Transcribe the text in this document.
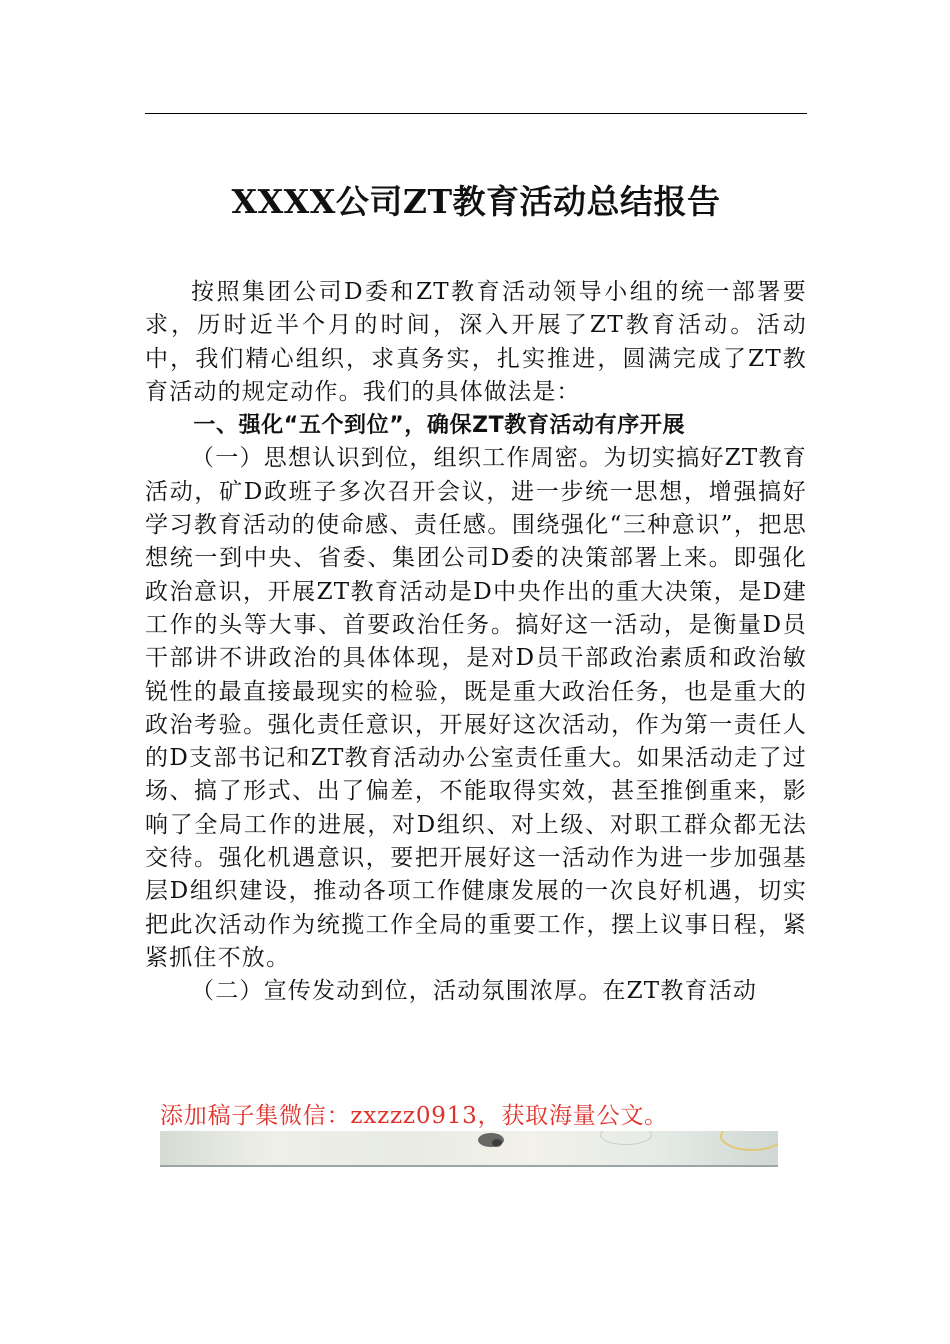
XXXX公司ZT教育活动总结报告

按照集团公司D委和ZT教育活动领导小组的统一部署要求，历时近半个月的时间，深入开展了ZT教育活动。活动中，我们精心组织，求真务实，扎实推进，圆满完成了ZT教育活动的规定动作。我们的具体做法是：

一、强化“五个到位”，确保ZT教育活动有序开展

（一）思想认识到位，组织工作周密。为切实搞好ZT教育活动，矿D政班子多次召开会议，进一步统一思想，增强搞好学习教育活动的使命感、责任感。围绕强化“三种意识”，把思想统一到中央、省委、集团公司D委的决策部署上来。即强化政治意识，开展ZT教育活动是D中央作出的重大决策，是D建工作的头等大事、首要政治任务。搞好这一活动，是衡量D员干部讲不讲政治的具体体现，是对D员干部政治素质和政治敏锐性的最直接最现实的检验，既是重大政治任务，也是重大的政治考验。强化责任意识，开展好这次活动，作为第一责任人的D支部书记和ZT教育活动办公室责任重大。如果活动走了过场、搞了形式、出了偏差，不能取得实效，甚至推倒重来，影响了全局工作的进展，对D组织、对上级、对职工群众都无法交待。强化机遇意识，要把开展好这一活动作为进一步加强基层D组织建设，推动各项工作健康发展的一次良好机遇，切实把此次活动作为统揽工作全局的重要工作，摆上议事日程，紧紧抓住不放。

（二）宣传发动到位，活动氛围浓厚。在ZT教育活动

添加稿子集微信：zxzzz0913，获取海量公文。
